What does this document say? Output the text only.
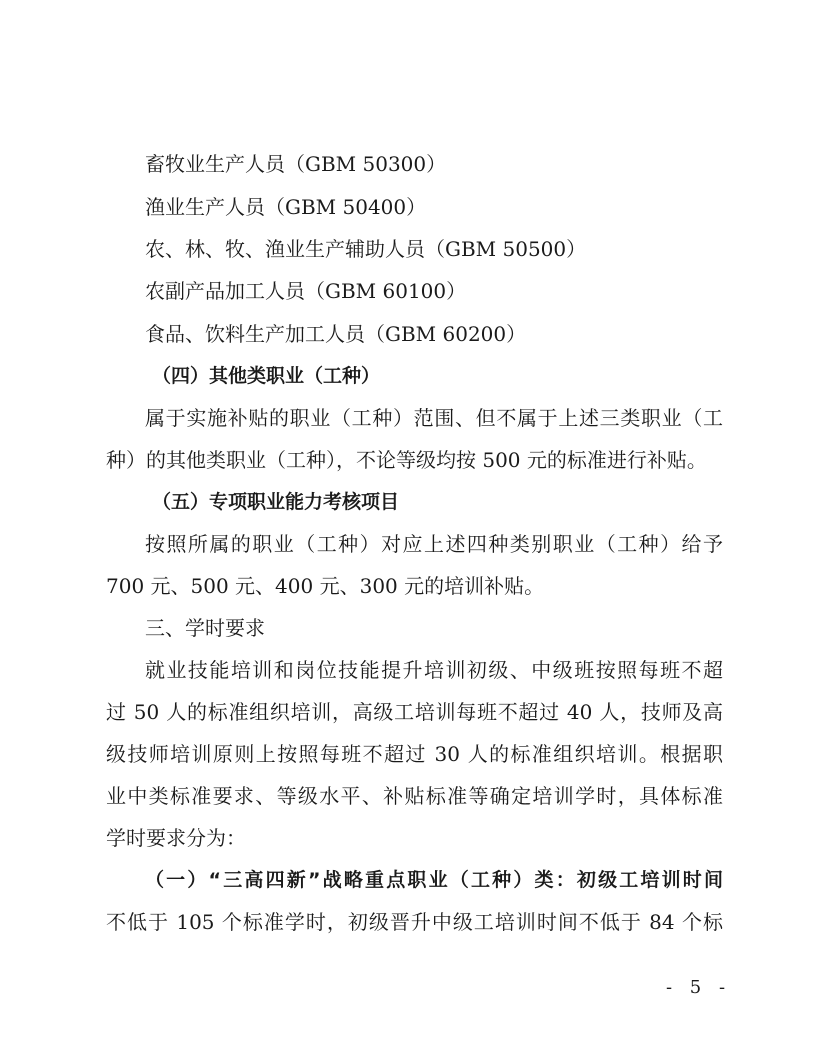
畜牧业生产人员（GBM 50300）
渔业生产人员（GBM 50400）
农、林、牧、渔业生产辅助人员（GBM 50500）
农副产品加工人员（GBM 60100）
食品、饮料生产加工人员（GBM 60200）
（四）其他类职业（工种）
属于实施补贴的职业（工种）范围、但不属于上述三类职业（工
种）的其他类职业（工种），不论等级均按 500 元的标准进行补贴。
（五）专项职业能力考核项目
按照所属的职业（工种）对应上述四种类别职业（工种）给予
700 元、500 元、400 元、300 元的培训补贴。
三、学时要求
就业技能培训和岗位技能提升培训初级、中级班按照每班不超
过 50 人的标准组织培训，高级工培训每班不超过 40 人，技师及高
级技师培训原则上按照每班不超过 30 人的标准组织培训。根据职
业中类标准要求、等级水平、补贴标准等确定培训学时，具体标准
学时要求分为：
（一）“三高四新”战略重点职业（工种）类：初级工培训时间
不低于 105 个标准学时，初级晋升中级工培训时间不低于 84 个标
- 5 -
